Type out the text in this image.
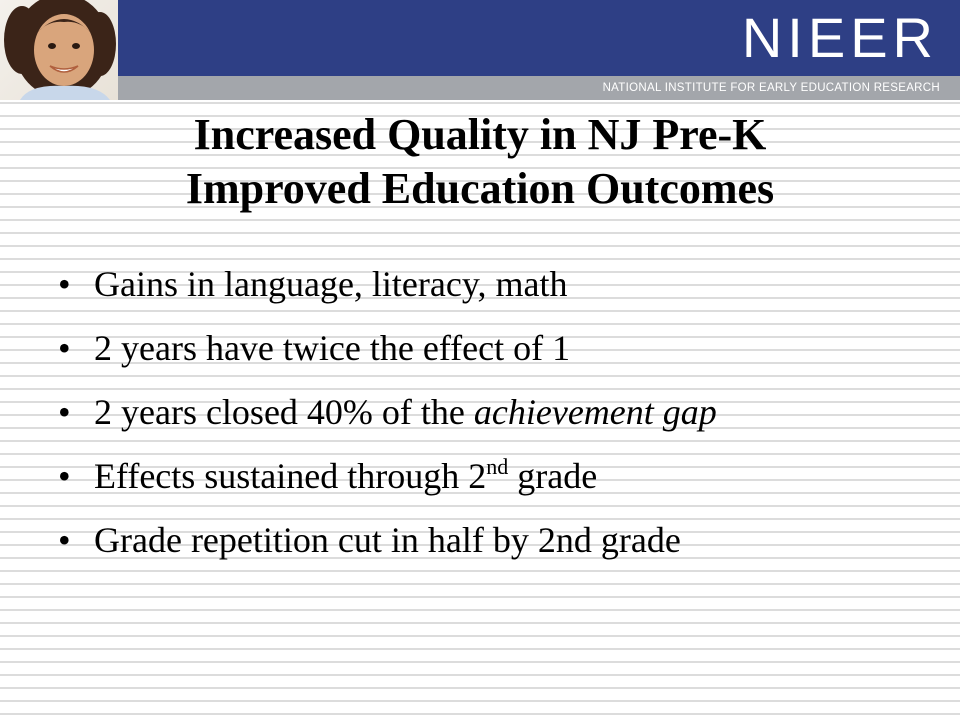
NIEER
NATIONAL INSTITUTE FOR EARLY EDUCATION RESEARCH
Increased Quality in NJ Pre-K
Improved Education Outcomes
• Gains in language, literacy, math
• 2 years have twice the effect of 1
• 2 years closed 40% of the achievement gap
• Effects sustained through 2nd grade
• Grade repetition cut in half by 2nd grade
